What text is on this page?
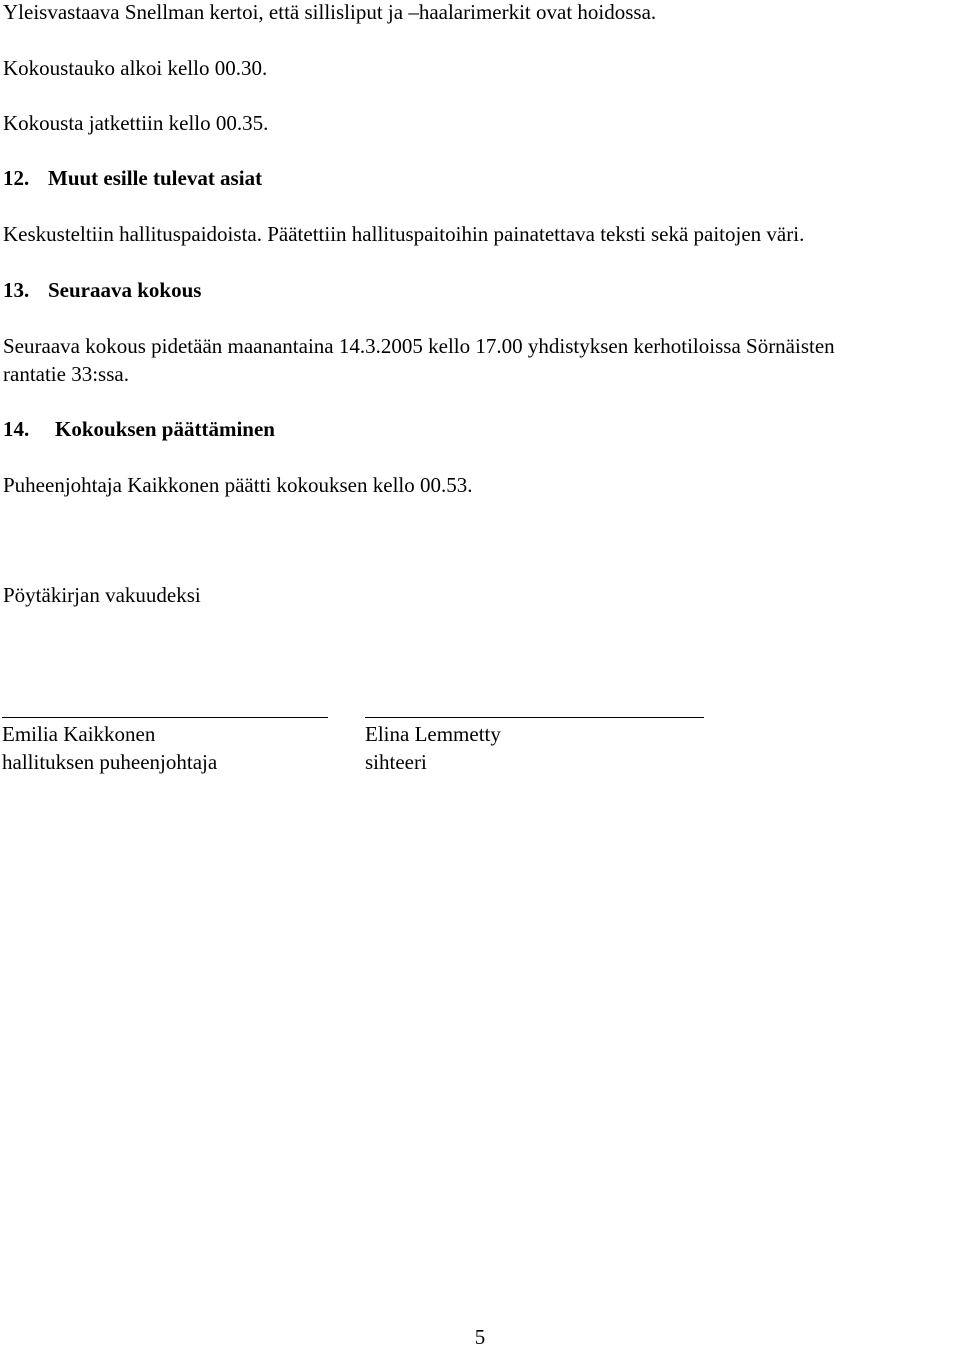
Yleisvastaava Snellman kertoi, että sillisliput ja –haalarimerkit ovat hoidossa.
Kokoustauko alkoi kello 00.30.
Kokousta jatkettiin kello 00.35.
12. Muut esille tulevat asiat
Keskusteltiin hallituspaidoista. Päätettiin hallituspaitoihin painatettava teksti sekä paitojen väri.
13. Seuraava kokous
Seuraava kokous pidetään maanantaina 14.3.2005 kello 17.00 yhdistyksen kerhotiloissa Sörnäisten
rantatie 33:ssa.
14. Kokouksen päättäminen
Puheenjohtaja Kaikkonen päätti kokouksen kello 00.53.
Pöytäkirjan vakuudeksi
Emilia Kaikkonen
hallituksen puheenjohtaja
Elina Lemmetty
sihteeri
5
